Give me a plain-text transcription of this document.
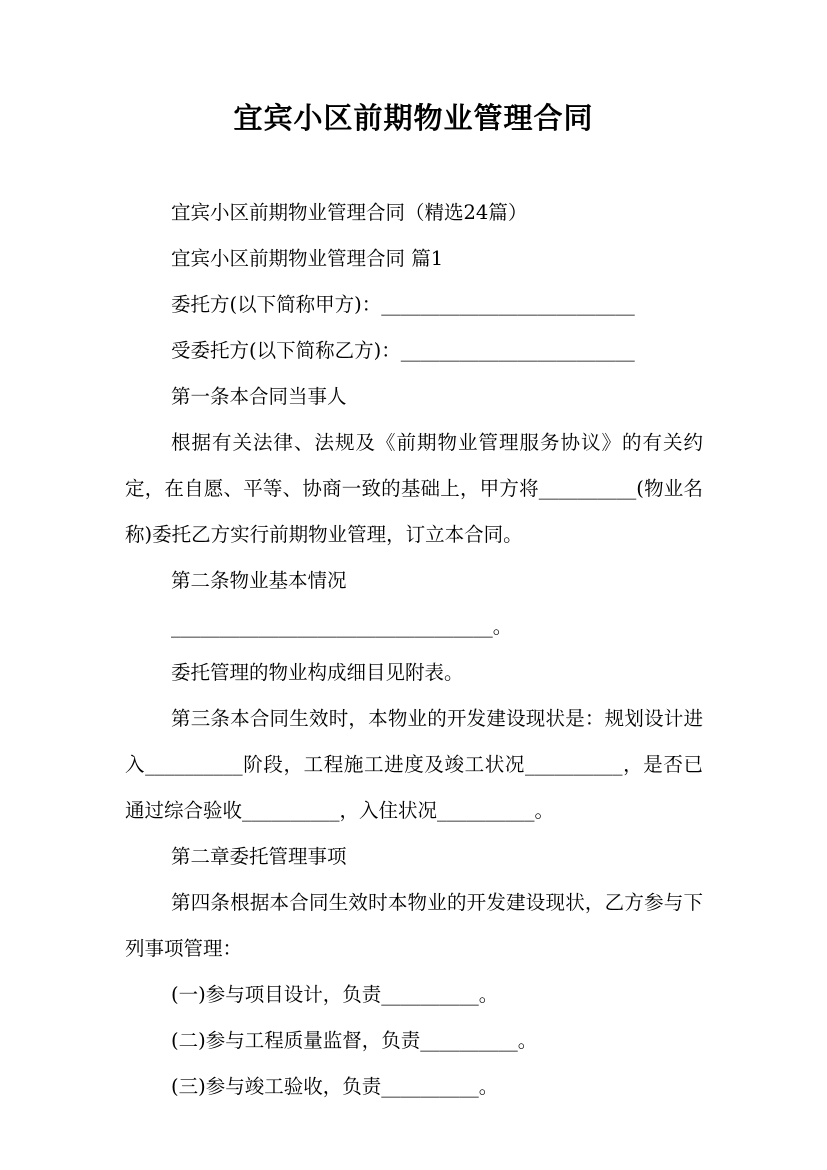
宜宾小区前期物业管理合同

宜宾小区前期物业管理合同（精选24篇）

宜宾小区前期物业管理合同 篇1

委托方(以下简称甲方)：__________________________

受委托方(以下简称乙方)：________________________

第一条本合同当事人

根据有关法律、法规及《前期物业管理服务协议》的有关约定，在自愿、平等、协商一致的基础上，甲方将__________(物业名称)委托乙方实行前期物业管理，订立本合同。

第二条物业基本情况

_________________________________。

委托管理的物业构成细目见附表。

第三条本合同生效时，本物业的开发建设现状是：规划设计进入__________阶段，工程施工进度及竣工状况__________，是否已通过综合验收__________，入住状况__________。

第二章委托管理事项

第四条根据本合同生效时本物业的开发建设现状，乙方参与下列事项管理：

(一)参与项目设计，负责__________。

(二)参与工程质量监督，负责__________。

(三)参与竣工验收，负责__________。
